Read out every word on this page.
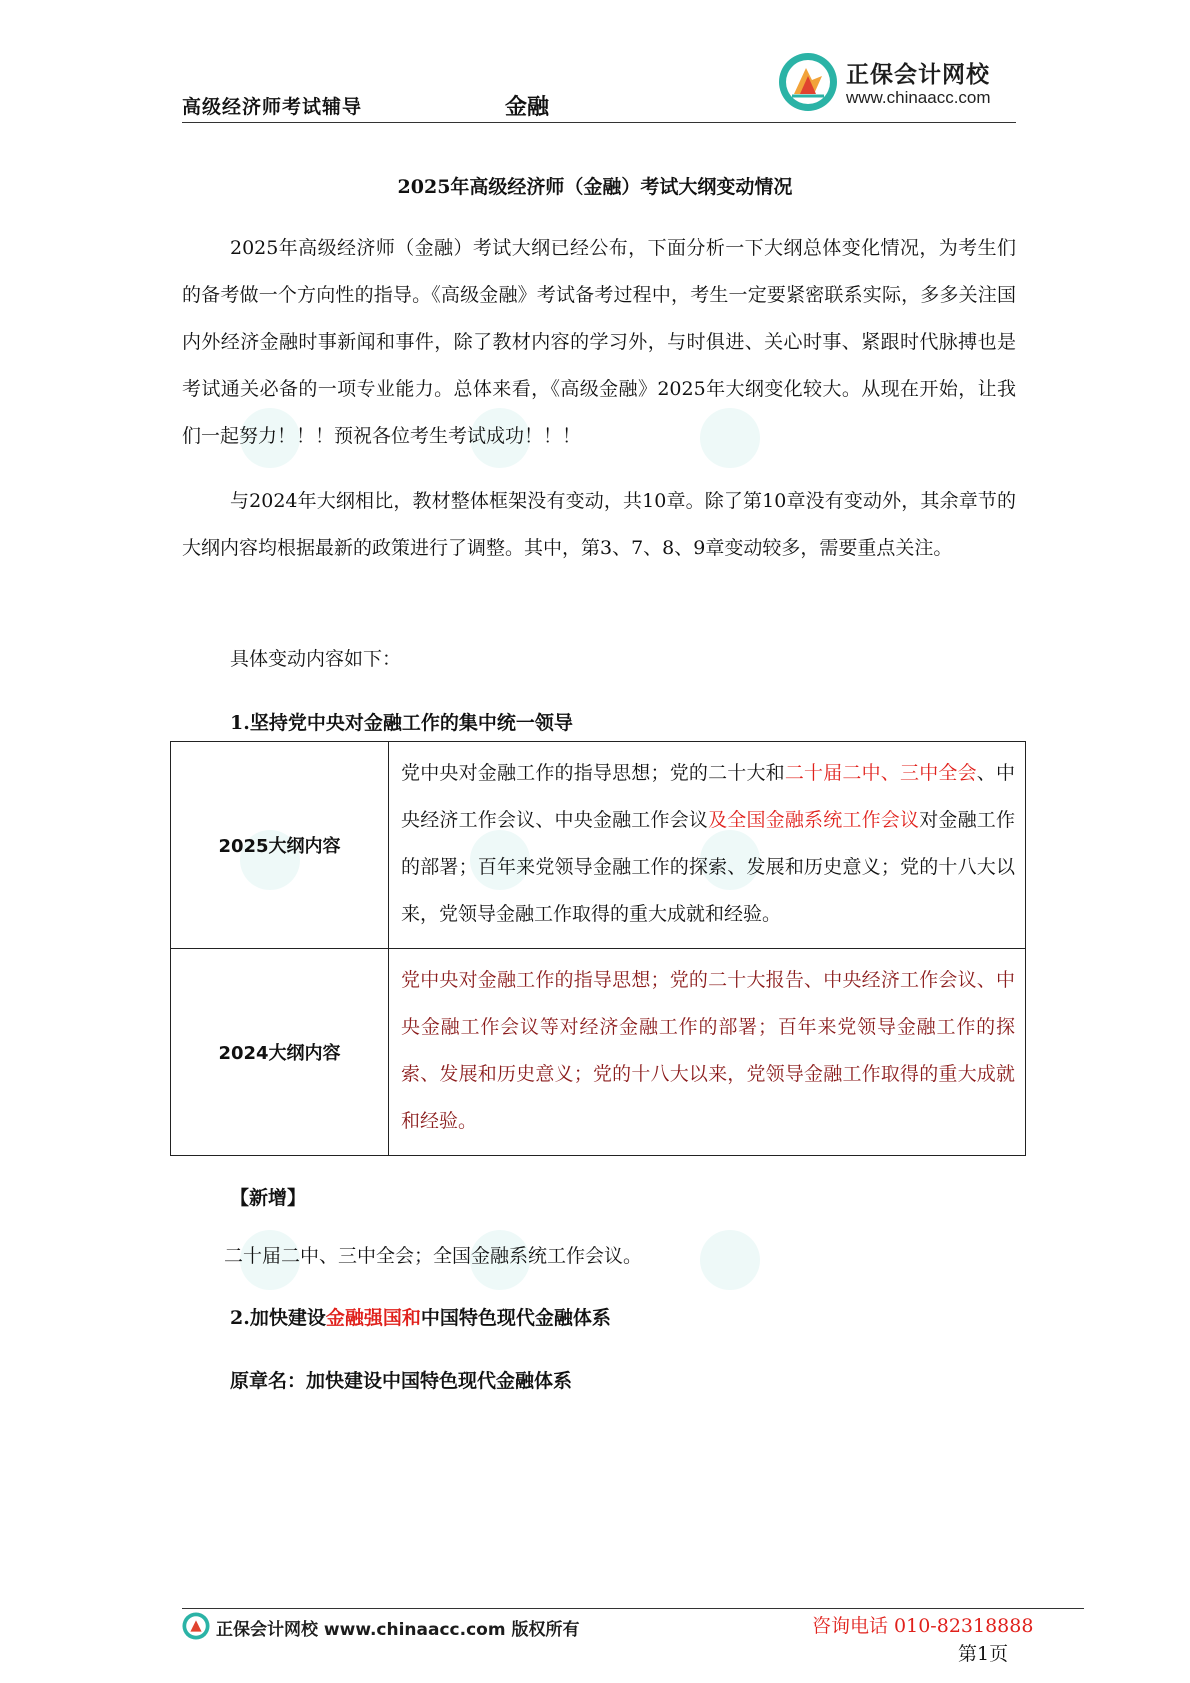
高级经济师考试辅导	金融
正保会计网校
www.chinaacc.com
2025年高级经济师（金融）考试大纲变动情况
2025年高级经济师（金融）考试大纲已经公布，下面分析一下大纲总体变化情况，为考生们的备考做一个方向性的指导。《高级金融》考试备考过程中，考生一定要紧密联系实际，多多关注国内外经济金融时事新闻和事件，除了教材内容的学习外，与时俱进、关心时事、紧跟时代脉搏也是考试通关必备的一项专业能力。总体来看，《高级金融》2025年大纲变化较大。从现在开始，让我们一起努力！！！预祝各位考生考试成功！！！
与2024年大纲相比，教材整体框架没有变动，共10章。除了第10章没有变动外，其余章节的大纲内容均根据最新的政策进行了调整。其中，第3、7、8、9章变动较多，需要重点关注。
具体变动内容如下：
1.坚持党中央对金融工作的集中统一领导
2025大纲内容	党中央对金融工作的指导思想；党的二十大和二十届二中、三中全会、中央经济工作会议、中央金融工作会议及全国金融系统工作会议对金融工作的部署；百年来党领导金融工作的探索、发展和历史意义；党的十八大以来，党领导金融工作取得的重大成就和经验。
2024大纲内容	党中央对金融工作的指导思想；党的二十大报告、中央经济工作会议、中央金融工作会议等对经济金融工作的部署；百年来党领导金融工作的探索、发展和历史意义；党的十八大以来，党领导金融工作取得的重大成就和经验。
【新增】
二十届二中、三中全会；全国金融系统工作会议。
2.加快建设金融强国和中国特色现代金融体系
原章名：加快建设中国特色现代金融体系
正保会计网校 www.chinaacc.com 版权所有	咨询电话 010-82318888
第1页
